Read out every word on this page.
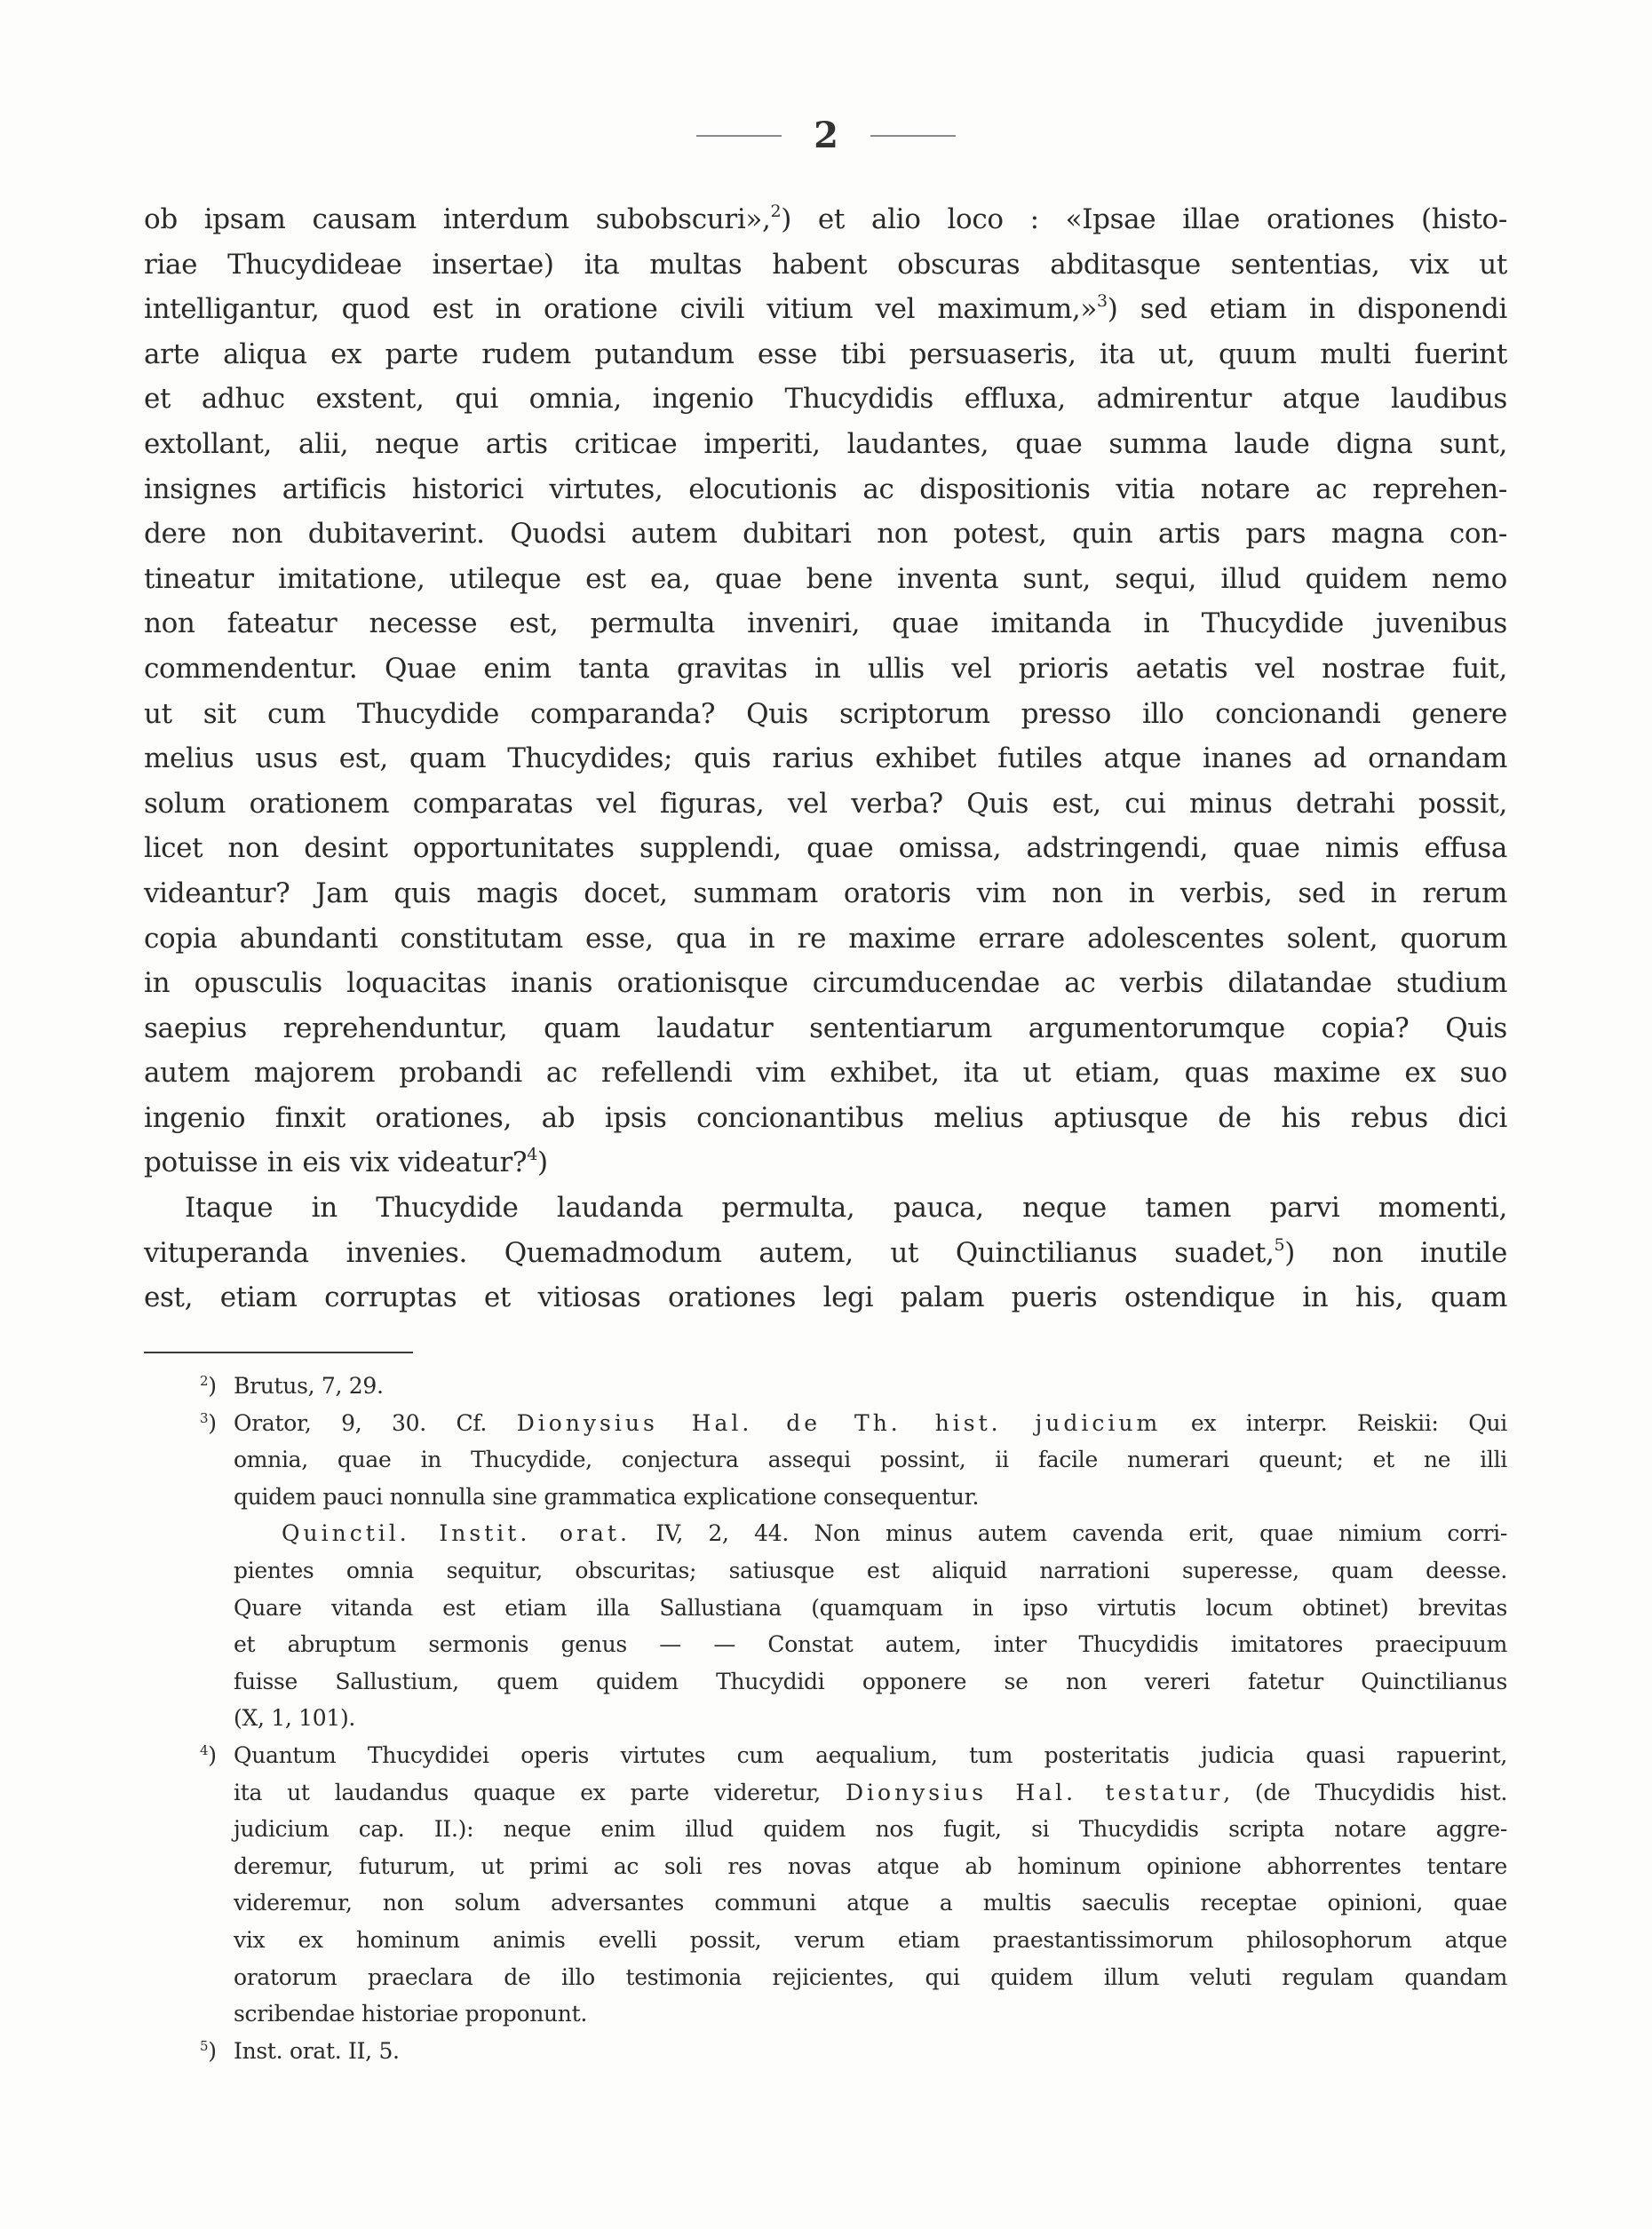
2
ob ipsam causam interdum subobscuri»,$^2$) et alio loco : «Ipsae illae orationes (histo-
riae Thucydideae insertae) ita multas habent obscuras abditasque sententias, vix ut
intelligantur, quod est in oratione civili vitium vel maximum,»$^3$) sed etiam in disponendi
arte aliqua ex parte rudem putandum esse tibi persuaseris, ita ut, quum multi fuerint
et adhuc exstent, qui omnia, ingenio Thucydidis effluxa, admirentur atque laudibus
extollant, alii, neque artis criticae imperiti, laudantes, quae summa laude digna sunt,
insignes artificis historici virtutes, elocutionis ac dispositionis vitia notare ac reprehen-
dere non dubitaverint. Quodsi autem dubitari non potest, quin artis pars magna con-
tineatur imitatione, utileque est ea, quae bene inventa sunt, sequi, illud quidem nemo
non fateatur necesse est, permulta inveniri, quae imitanda in Thucydide juvenibus
commendentur. Quae enim tanta gravitas in ullis vel prioris aetatis vel nostrae fuit,
ut sit cum Thucydide comparanda? Quis scriptorum presso illo concionandi genere
melius usus est, quam Thucydides; quis rarius exhibet futiles atque inanes ad ornandam
solum orationem comparatas vel figuras, vel verba? Quis est, cui minus detrahi possit,
licet non desint opportunitates supplendi, quae omissa, adstringendi, quae nimis effusa
videantur? Jam quis magis docet, summam oratoris vim non in verbis, sed in rerum
copia abundanti constitutam esse, qua in re maxime errare adolescentes solent, quorum
in opusculis loquacitas inanis orationisque circumducendae ac verbis dilatandae studium
saepius reprehenduntur, quam laudatur sententiarum argumentorumque copia? Quis
autem majorem probandi ac refellendi vim exhibet, ita ut etiam, quas maxime ex suo
ingenio finxit orationes, ab ipsis concionantibus melius aptiusque de his rebus dici
potuisse in eis vix videatur?$^4$)
Itaque in Thucydide laudanda permulta, pauca, neque tamen parvi momenti,
vituperanda invenies. Quemadmodum autem, ut Quinctilianus suadet,$^5$) non inutile
est, etiam corruptas et vitiosas orationes legi palam pueris ostendique in his, quam
$^2$) Brutus, 7, 29.
$^3$) Orator, 9, 30. Cf. Dionysius Hal. de Th. hist. judicium ex interpr. Reiskii: Qui
omnia, quae in Thucydide, conjectura assequi possint, ii facile numerari queunt; et ne illi
quidem pauci nonnulla sine grammatica explicatione consequentur.
Quinctil. Instit. orat. IV, 2, 44. Non minus autem cavenda erit, quae nimium corri-
pientes omnia sequitur, obscuritas; satiusque est aliquid narrationi superesse, quam deesse.
Quare vitanda est etiam illa Sallustiana (quamquam in ipso virtutis locum obtinet) brevitas
et abruptum sermonis genus — — Constat autem, inter Thucydidis imitatores praecipuum
fuisse Sallustium, quem quidem Thucydidi opponere se non vereri fatetur Quinctilianus
(X, 1, 101).
$^4$) Quantum Thucydidei operis virtutes cum aequalium, tum posteritatis judicia quasi rapuerint,
ita ut laudandus quaque ex parte videretur, Dionysius Hal. testatur, (de Thucydidis hist.
judicium cap. II.): neque enim illud quidem nos fugit, si Thucydidis scripta notare aggre-
deremur, futurum, ut primi ac soli res novas atque ab hominum opinione abhorrentes tentare
videremur, non solum adversantes communi atque a multis saeculis receptae opinioni, quae
vix ex hominum animis evelli possit, verum etiam praestantissimorum philosophorum atque
oratorum praeclara de illo testimonia rejicientes, qui quidem illum veluti regulam quandam
scribendae historiae proponunt.
$^5$) Inst. orat. II, 5.
